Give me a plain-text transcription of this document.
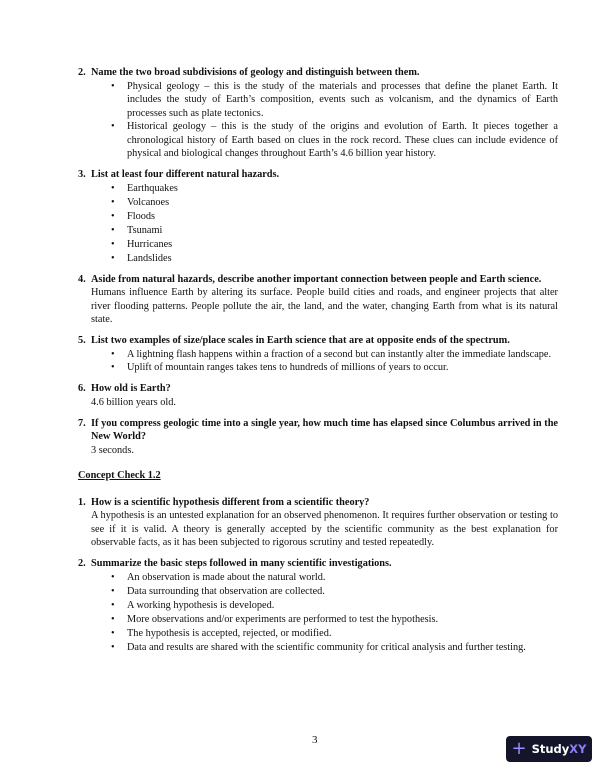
2. Name the two broad subdivisions of geology and distinguish between them.
• Physical geology – this is the study of the materials and processes that define the planet Earth. It includes the study of Earth’s composition, events such as volcanism, and the dynamics of Earth processes such as plate tectonics.
• Historical geology – this is the study of the origins and evolution of Earth. It pieces together a chronological history of Earth based on clues in the rock record. These clues can include evidence of physical and biological changes throughout Earth’s 4.6 billion year history.
3. List at least four different natural hazards.
• Earthquakes
• Volcanoes
• Floods
• Tsunami
• Hurricanes
• Landslides
4. Aside from natural hazards, describe another important connection between people and Earth science.
Humans influence Earth by altering its surface. People build cities and roads, and engineer projects that alter river flooding patterns. People pollute the air, the land, and the water, changing Earth from what is its natural state.
5. List two examples of size/place scales in Earth science that are at opposite ends of the spectrum.
• A lightning flash happens within a fraction of a second but can instantly alter the immediate landscape.
• Uplift of mountain ranges takes tens to hundreds of millions of years to occur.
6. How old is Earth?
4.6 billion years old.
7. If you compress geologic time into a single year, how much time has elapsed since Columbus arrived in the New World?
3 seconds.
Concept Check 1.2
1. How is a scientific hypothesis different from a scientific theory?
A hypothesis is an untested explanation for an observed phenomenon. It requires further observation or testing to see if it is valid. A theory is generally accepted by the scientific community as the best explanation for observable facts, as it has been subjected to rigorous scrutiny and tested repeatedly.
2. Summarize the basic steps followed in many scientific investigations.
• An observation is made about the natural world.
• Data surrounding that observation are collected.
• A working hypothesis is developed.
• More observations and/or experiments are performed to test the hypothesis.
• The hypothesis is accepted, rejected, or modified.
• Data and results are shared with the scientific community for critical analysis and further testing.
3	+ StudyXY
